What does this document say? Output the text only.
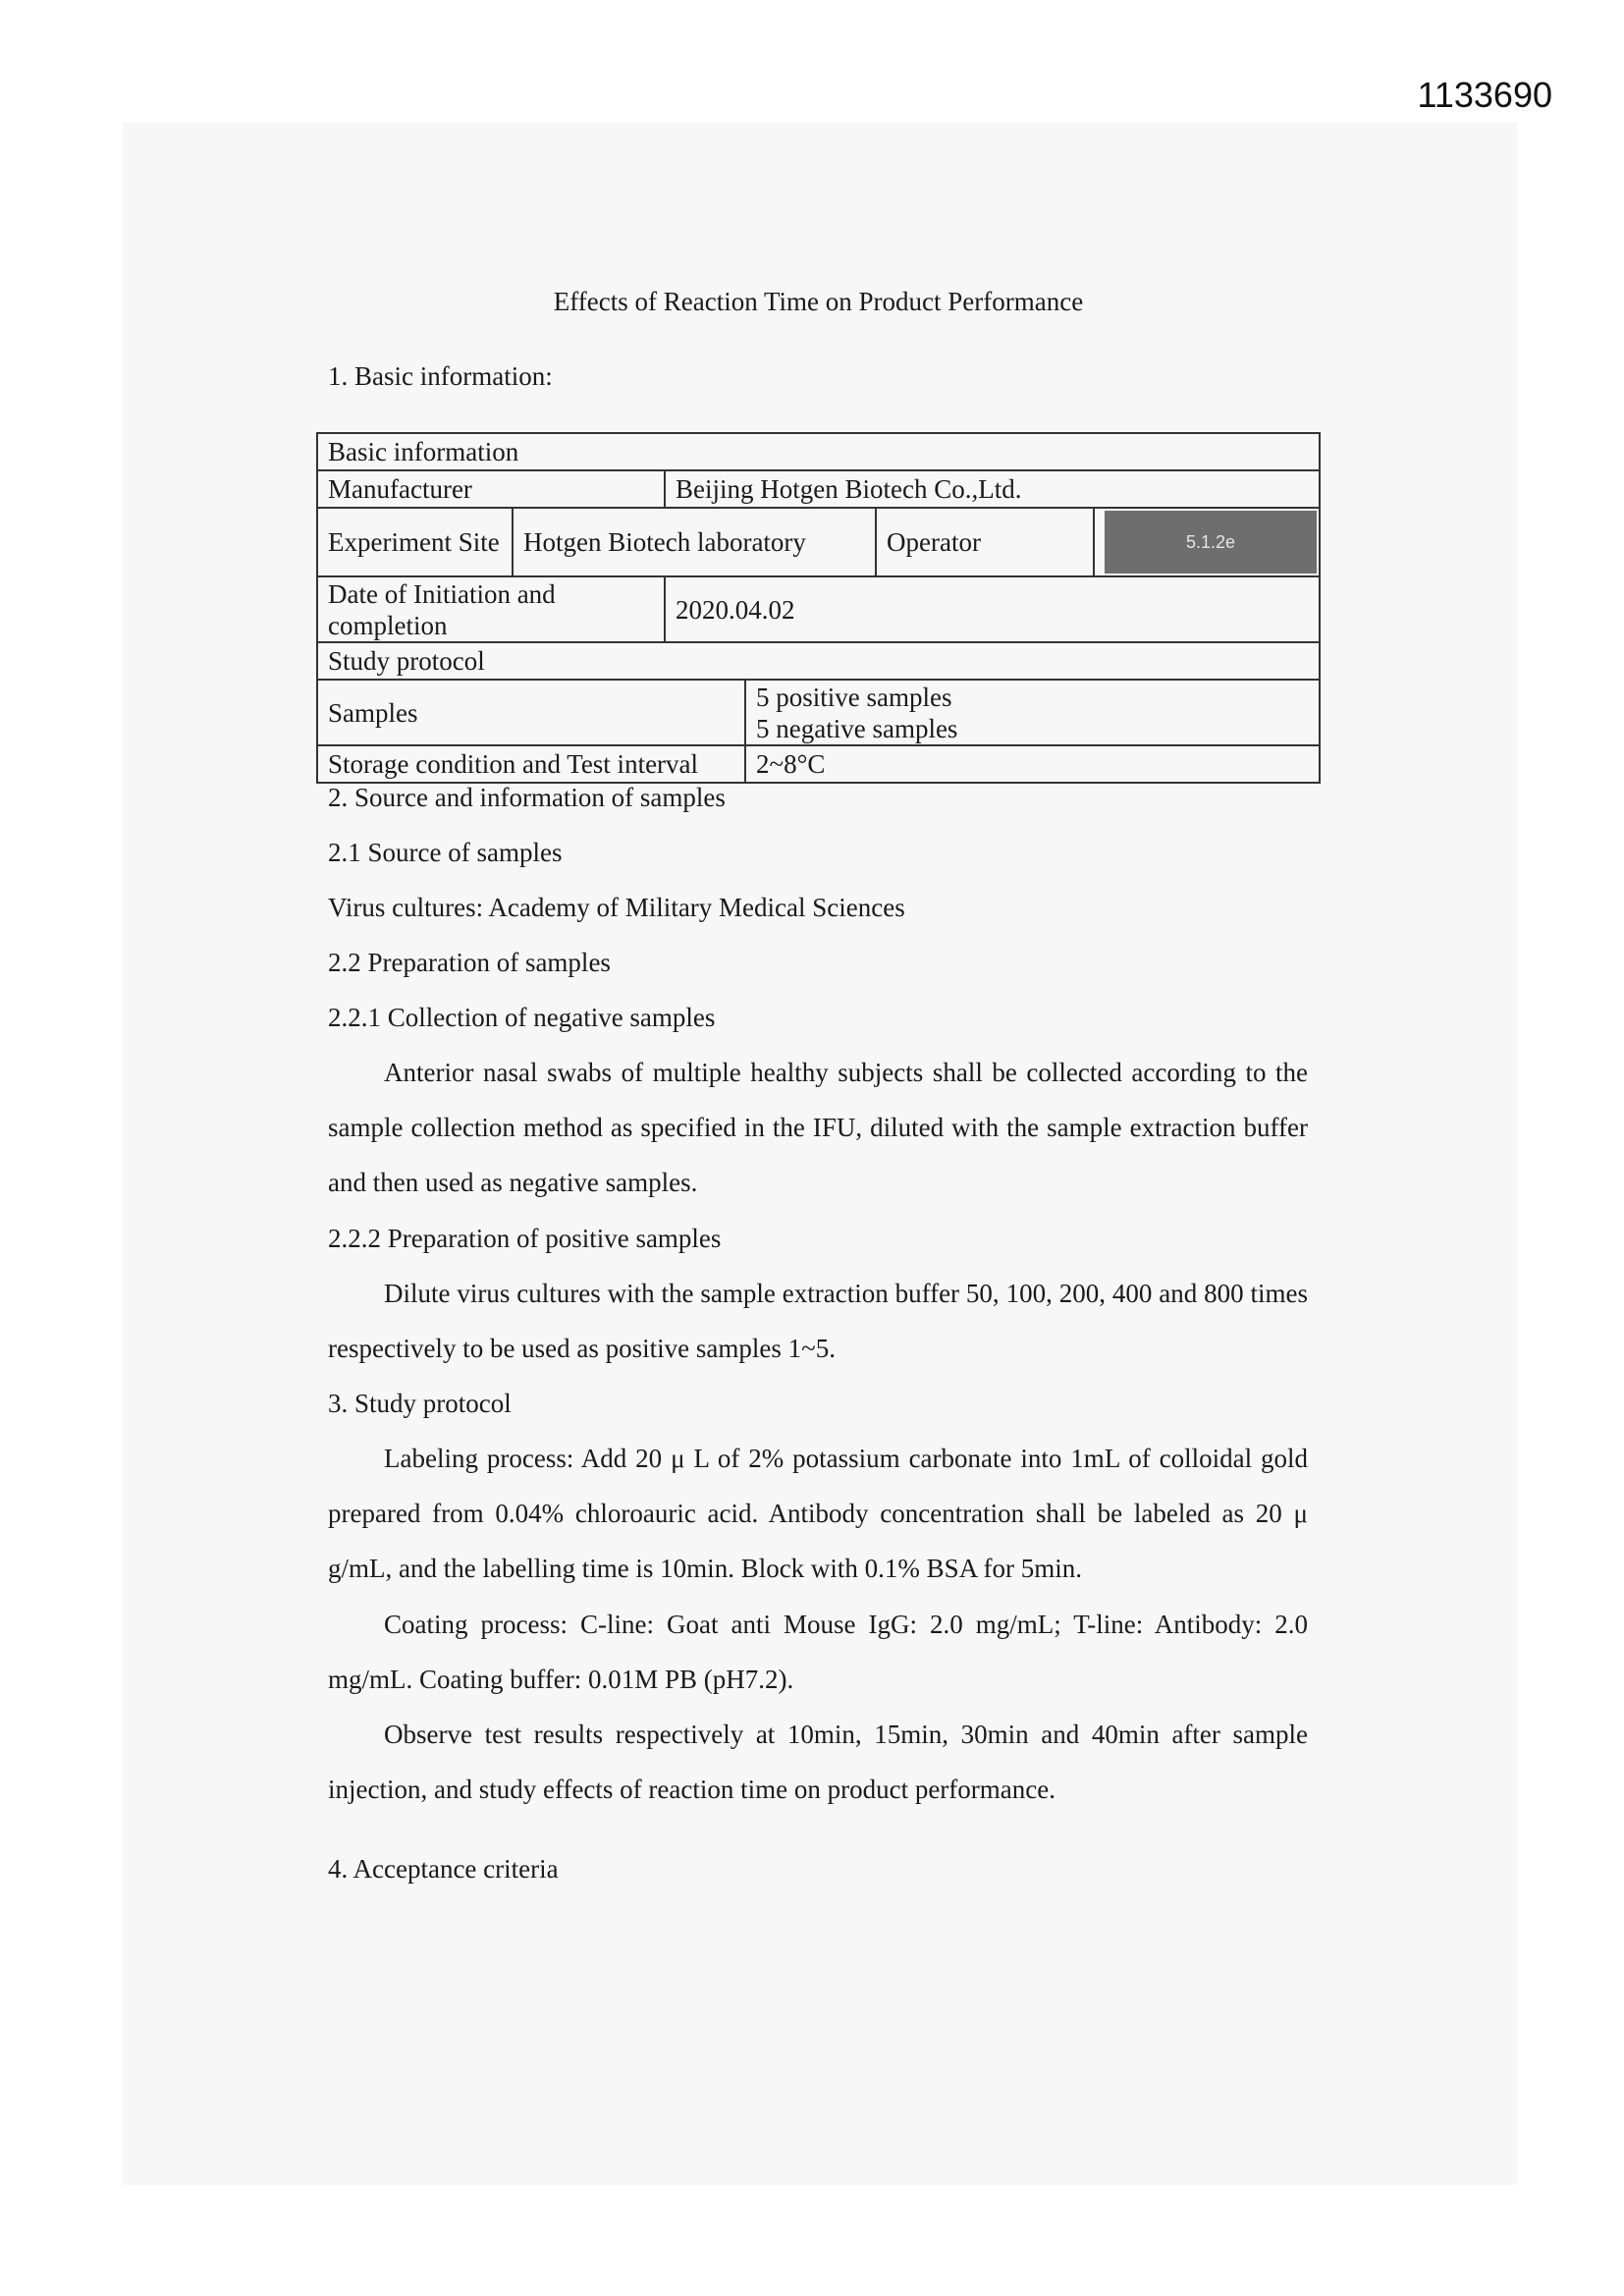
1133690
Effects of Reaction Time on Product Performance
1. Basic information:
Basic information					
Manufacturer		Beijing Hotgen Biotech Co.,Ltd.			
Experiment Site	Hotgen Biotech laboratory			Operator	5.1.2e
Date of Initiation and completion		2020.04.02			
Study protocol					
Samples			5 positive samples
5 negative samples		

Storage condition and Test interval			2~8°C		
2. Source and information of samples
2.1 Source of samples
Virus cultures: Academy of Military Medical Sciences
2.2 Preparation of samples
2.2.1 Collection of negative samples
Anterior nasal swabs of multiple healthy subjects shall be collected according to the sample collection method as specified in the IFU, diluted with the sample extraction buffer and then used as negative samples.
2.2.2 Preparation of positive samples
Dilute virus cultures with the sample extraction buffer 50, 100, 200, 400 and 800 times respectively to be used as positive samples 1~5.
3. Study protocol
Labeling process: Add 20 μ L of 2% potassium carbonate into 1mL of colloidal gold prepared from 0.04% chloroauric acid. Antibody concentration shall be labeled as 20 μ g/mL, and the labelling time is 10min. Block with 0.1% BSA for 5min.
Coating process: C-line: Goat anti Mouse IgG: 2.0 mg/mL; T-line: Antibody: 2.0 mg/mL. Coating buffer: 0.01M PB (pH7.2).
Observe test results respectively at 10min, 15min, 30min and 40min after sample injection, and study effects of reaction time on product performance.
4. Acceptance criteria
